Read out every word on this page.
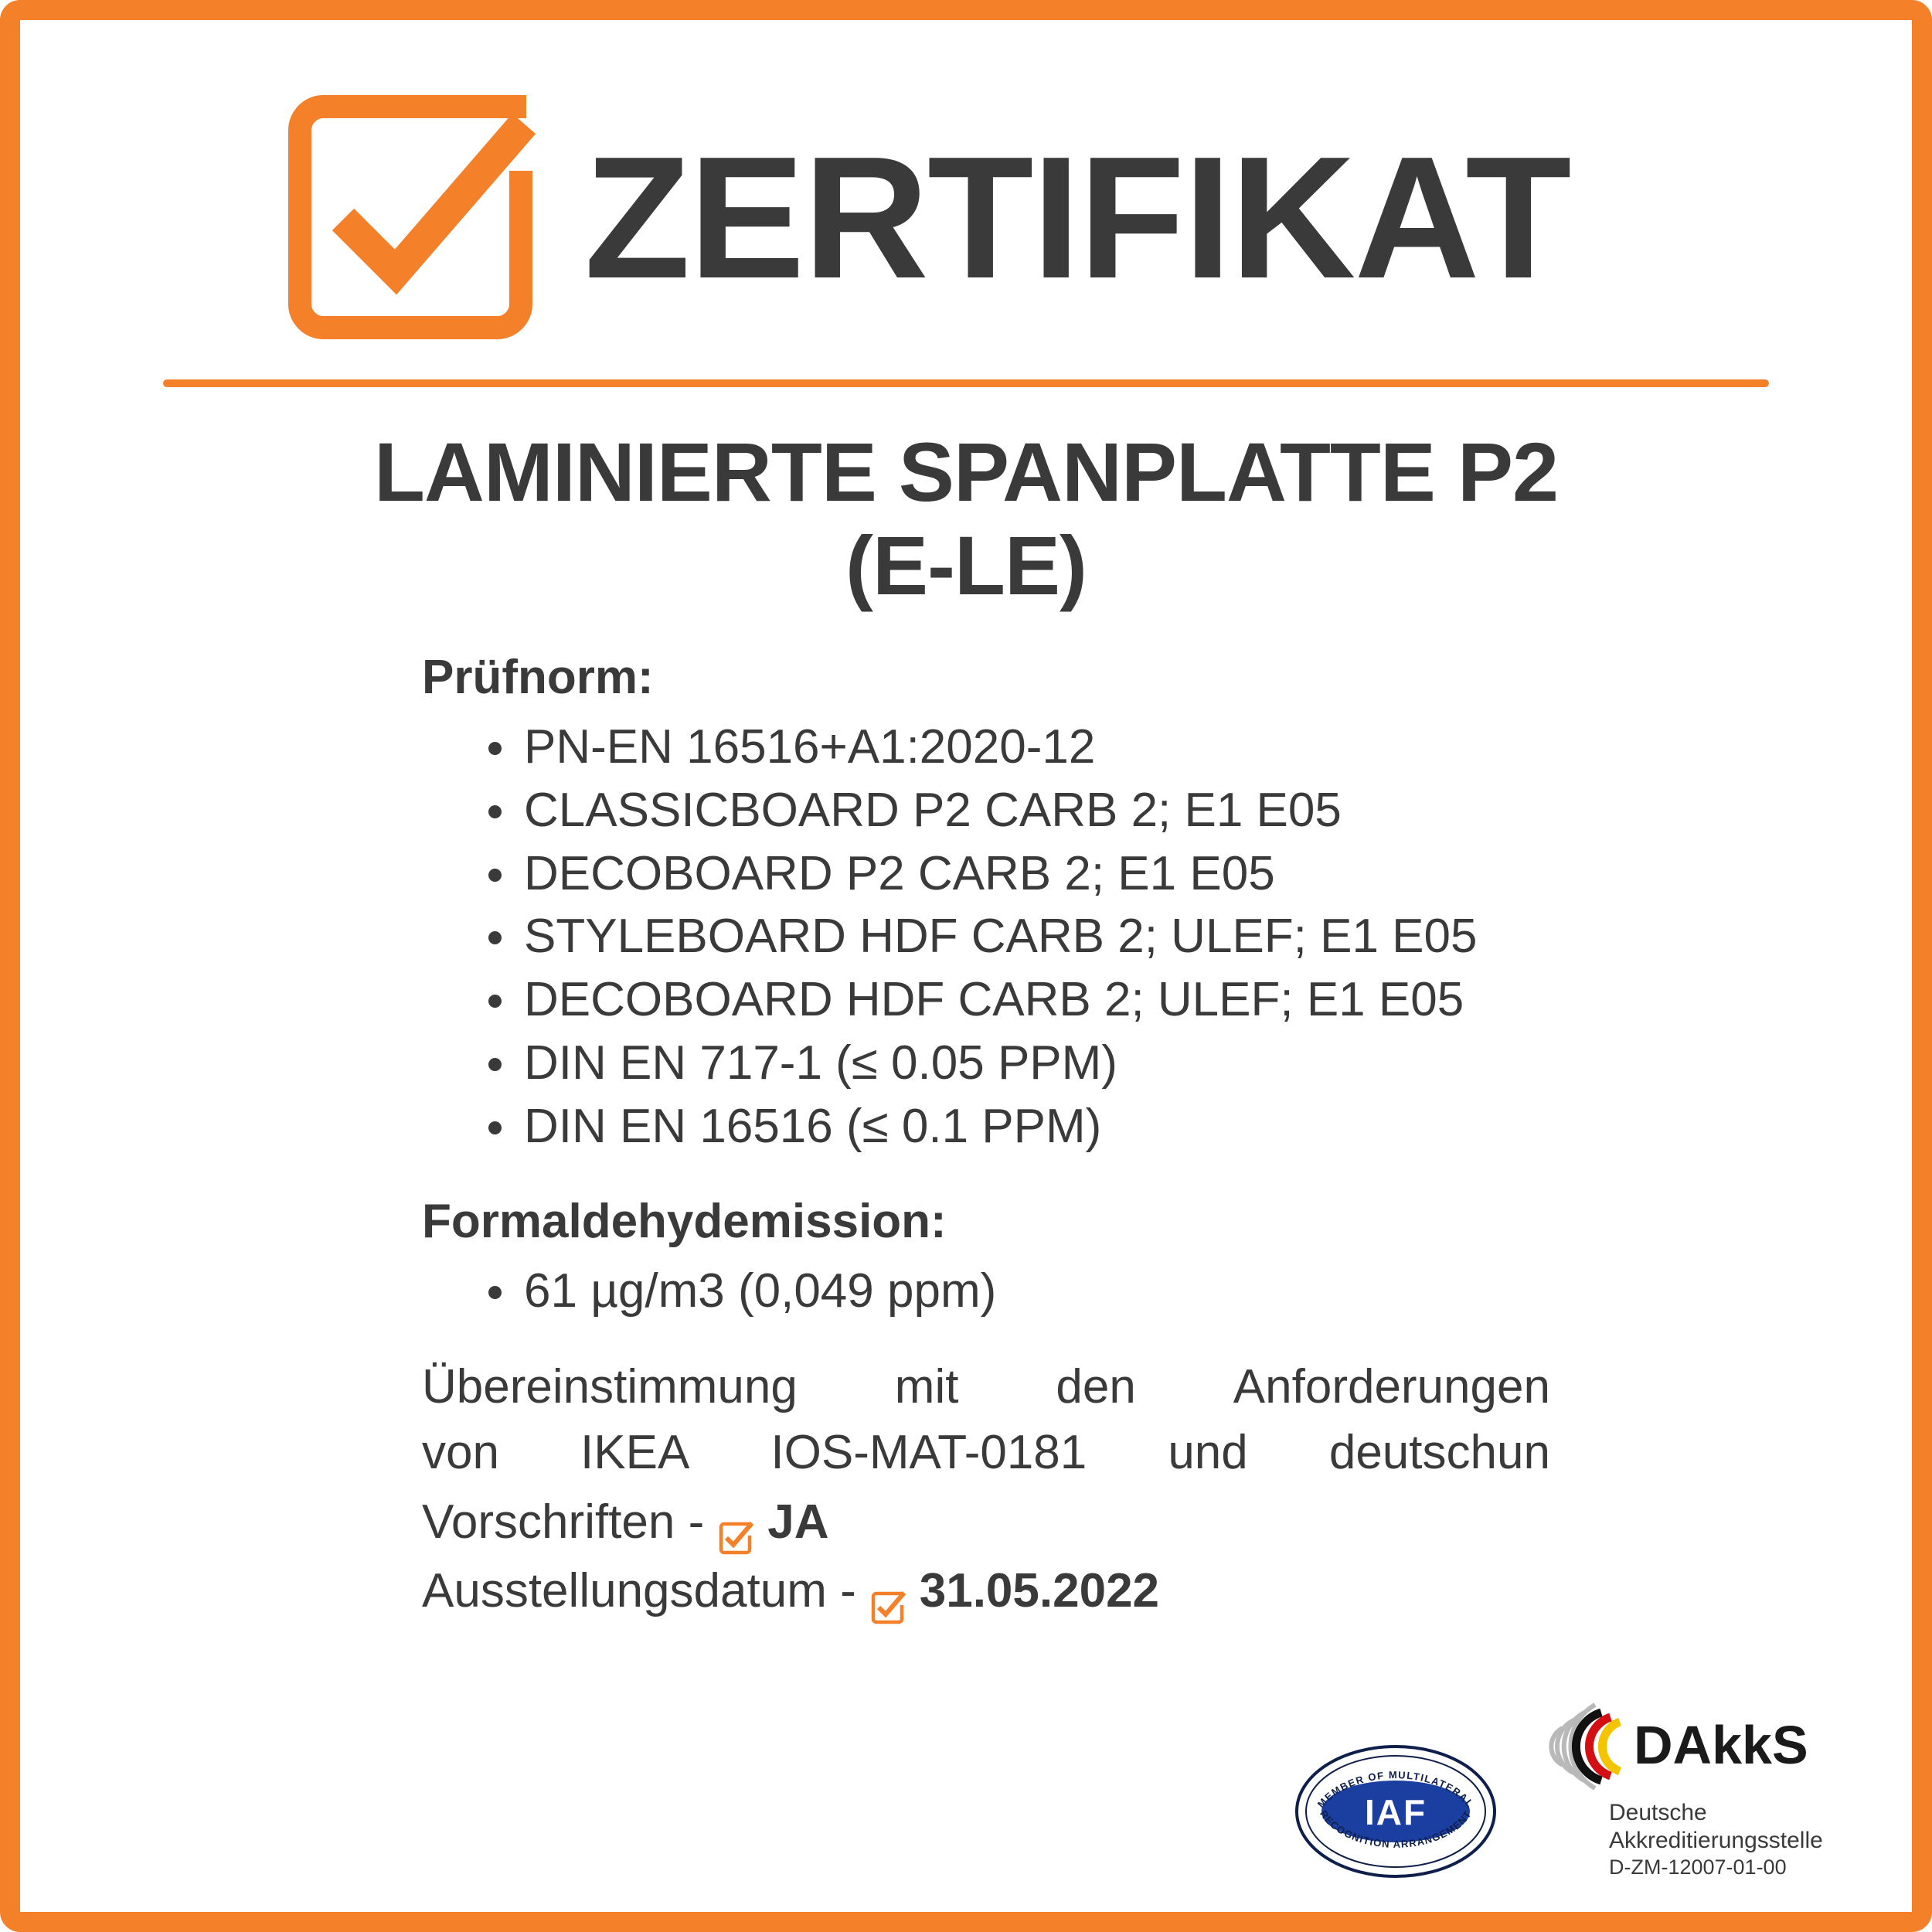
ZERTIFIKAT
LAMINIERTE SPANPLATTE P2
(E-LE)
Prüfnorm:
PN-EN 16516+A1:2020-12
CLASSICBOARD P2 CARB 2; E1 E05
DECOBOARD P2 CARB 2; E1 E05
STYLEBOARD HDF CARB 2; ULEF; E1 E05
DECOBOARD HDF CARB 2; ULEF; E1 E05
DIN EN 717-1 (≤ 0.05 PPM)
DIN EN 16516 (≤ 0.1 PPM)
Formaldehydemission:
61 µg/m3 (0,049 ppm)
Übereinstimmung mit den Anforderungen
von IKEA IOS-MAT-0181 und deutschun
Vorschriften - JA
Ausstellungsdatum - 31.05.2022
MEMBER OF MULTILATERAL
RECOGNITION ARRANGEMENT
IAF
DAkkS
Deutsche
Akkreditierungsstelle
D-ZM-12007-01-00
